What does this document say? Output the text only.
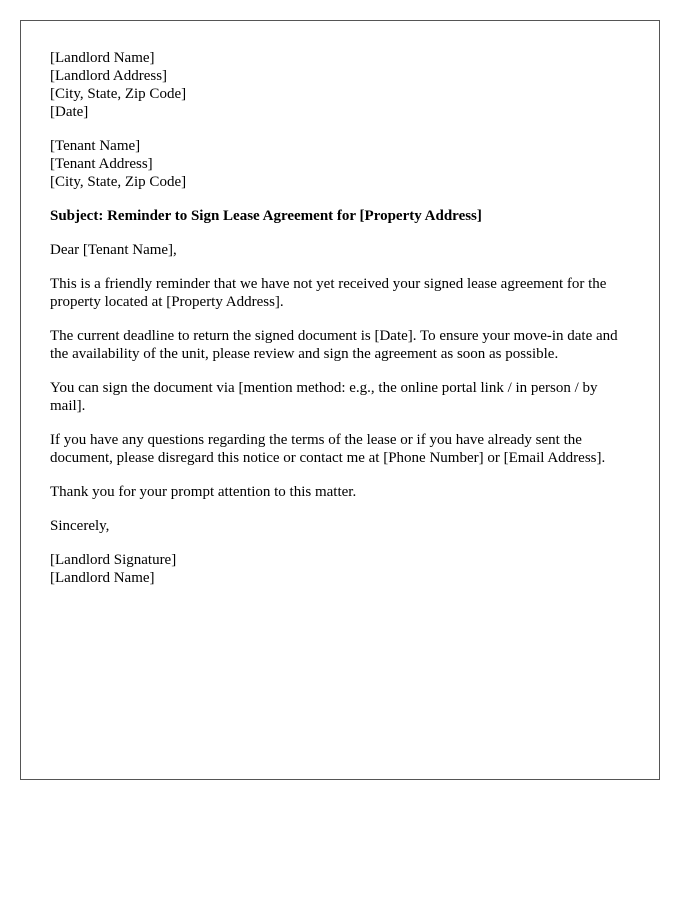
[Landlord Name]
[Landlord Address]
[City, State, Zip Code]
[Date]
[Tenant Name]
[Tenant Address]
[City, State, Zip Code]
Subject: Reminder to Sign Lease Agreement for [Property Address]
Dear [Tenant Name],
This is a friendly reminder that we have not yet received your signed lease agreement for the property located at [Property Address].
The current deadline to return the signed document is [Date]. To ensure your move-in date and the availability of the unit, please review and sign the agreement as soon as possible.
You can sign the document via [mention method: e.g., the online portal link / in person / by mail].
If you have any questions regarding the terms of the lease or if you have already sent the document, please disregard this notice or contact me at [Phone Number] or [Email Address].
Thank you for your prompt attention to this matter.
Sincerely,
[Landlord Signature]
[Landlord Name]
